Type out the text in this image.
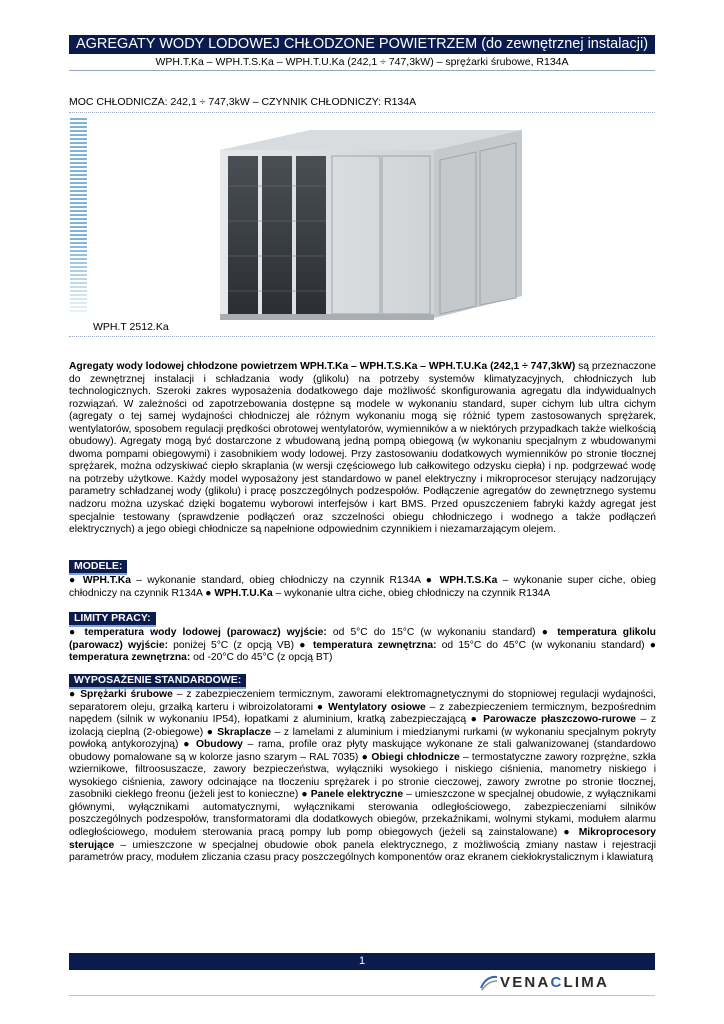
AGREGATY WODY LODOWEJ CHŁODZONE POWIETRZEM (do zewnętrznej instalacji)
WPH.T.Ka – WPH.T.S.Ka – WPH.T.U.Ka (242,1 ÷ 747,3kW) – sprężarki śrubowe, R134A
MOC CHŁODNICZA: 242,1 ÷ 747,3kW – CZYNNIK CHŁODNICZY: R134A
WPH.T 2512.Ka
Agregaty wody lodowej chłodzone powietrzem WPH.T.Ka – WPH.T.S.Ka – WPH.T.U.Ka (242,1 ÷ 747,3kW) są przeznaczone do zewnętrznej instalacji i schładzania wody (glikolu) na potrzeby systemów klimatyzacyjnych, chłodniczych lub technologicznych. Szeroki zakres wyposażenia dodatkowego daje możliwość skonfigurowania agregatu dla indywidualnych rozwiązań. W zależności od zapotrzebowania dostępne są modele w wykonaniu standard, super cichym lub ultra cichym (agregaty o tej samej wydajności chłodniczej ale różnym wykonaniu mogą się różnić typem zastosowanych sprężarek, wentylatorów, sposobem regulacji prędkości obrotowej wentylatorów, wymienników a w niektórych przypadkach także wielkością obudowy). Agregaty mogą być dostarczone z wbudowaną jedną pompą obiegową (w wykonaniu specjalnym z wbudowanymi dwoma pompami obiegowymi) i zasobnikiem wody lodowej. Przy zastosowaniu dodatkowych wymienników po stronie tłocznej sprężarek, można odzyskiwać ciepło skraplania (w wersji częściowego lub całkowitego odzysku ciepła) i np. podgrzewać wodę na potrzeby użytkowe. Każdy model wyposażony jest standardowo w panel elektryczny i mikroprocesor sterujący nadzorujący parametry schładzanej wody (glikolu) i pracę poszczególnych podzespołów. Podłączenie agregatów do zewnętrznego systemu nadzoru można uzyskać dzięki bogatemu wyborowi interfejsów i kart BMS. Przed opuszczeniem fabryki każdy agregat jest specjalnie testowany (sprawdzenie podłączeń oraz szczelności obiegu chłodniczego i wodnego a także podłączeń elektrycznych) a jego obiegi chłodnicze są napełnione odpowiednim czynnikiem i niezamarzającym olejem.
MODELE:
● WPH.T.Ka – wykonanie standard, obieg chłodniczy na czynnik R134A ● WPH.T.S.Ka – wykonanie super ciche, obieg chłodniczy na czynnik R134A ● WPH.T.U.Ka – wykonanie ultra ciche, obieg chłodniczy na czynnik R134A
LIMITY PRACY:
● temperatura wody lodowej (parowacz) wyjście: od 5°C do 15°C (w wykonaniu standard) ● temperatura glikolu (parowacz) wyjście: poniżej 5°C (z opcją VB) ● temperatura zewnętrzna: od 15°C do 45°C (w wykonaniu standard) ● temperatura zewnętrzna: od -20°C do 45°C (z opcją BT)
WYPOSAŻENIE STANDARDOWE:
● Sprężarki śrubowe – z zabezpieczeniem termicznym, zaworami elektromagnetycznymi do stopniowej regulacji wydajności, separatorem oleju, grzałką karteru i wibroizolatorami ● Wentylatory osiowe – z zabezpieczeniem termicznym, bezpośrednim napędem (silnik w wykonaniu IP54), łopatkami z aluminium, kratką zabezpieczającą ● Parowacze płaszczowo-rurowe – z izolacją cieplną (2-obiegowe) ● Skraplacze – z lamelami z aluminium i miedzianymi rurkami (w wykonaniu specjalnym pokryty powłoką antykorozyjną) ● Obudowy – rama, profile oraz płyty maskujące wykonane ze stali galwanizowanej (standardowo obudowy pomalowane są w kolorze jasno szarym – RAL 7035) ● Obiegi chłodnicze – termostatyczne zawory rozprężne, szkła wziernikowe, filtroosuszacze, zawory bezpieczeństwa, wyłączniki wysokiego i niskiego ciśnienia, manometry niskiego i wysokiego ciśnienia, zawory odcinające na tłoczeniu sprężarek i po stronie cieczowej, zawory zwrotne po stronie tłocznej, zasobniki ciekłego freonu (jeżeli jest to konieczne) ● Panele elektryczne – umieszczone w specjalnej obudowie, z wyłącznikami głównymi, wyłącznikami automatycznymi, wyłącznikami sterowania odległościowego, zabezpieczeniami silników poszczególnych podzespołów, transformatorami dla dodatkowych obiegów, przekaźnikami, wolnymi stykami, modułem alarmu odległościowego, modułem sterowania pracą pompy lub pomp obiegowych (jeżeli są zainstalowane) ● Mikroprocesory sterujące – umieszczone w specjalnej obudowie obok panela elektrycznego, z możliwością zmiany nastaw i rejestracji parametrów pracy, modułem zliczania czasu pracy poszczególnych komponentów oraz ekranem ciekłokrystalicznym i klawiaturą
1
VENACLIMA
